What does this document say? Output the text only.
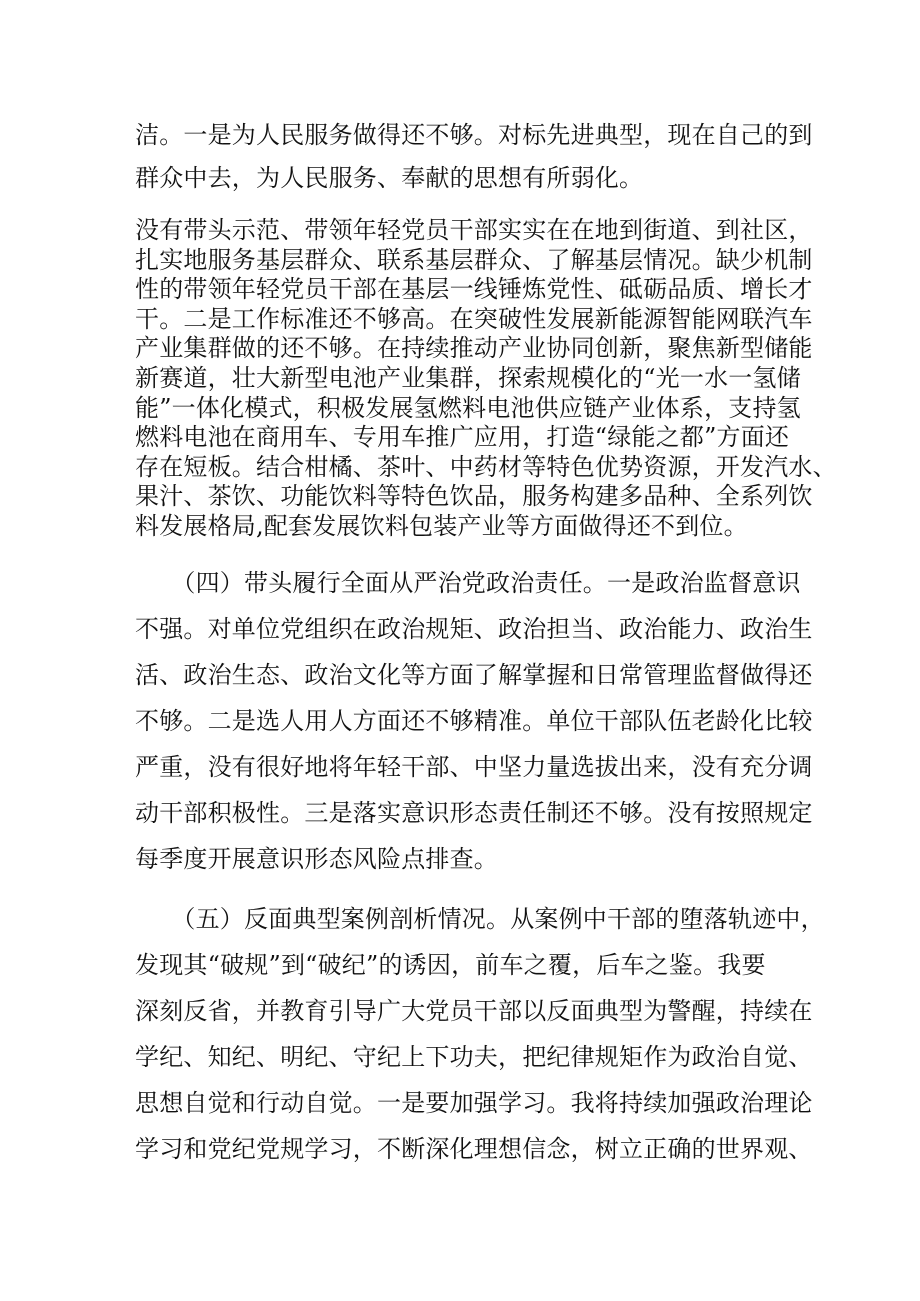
洁。一是为人民服务做得还不够。对标先进典型，现在自己的到
群众中去，为人民服务、奉献的思想有所弱化。

没有带头示范、带领年轻党员干部实实在在地到街道、到社区，
扎实地服务基层群众、联系基层群众、了解基层情况。缺少机制
性的带领年轻党员干部在基层一线锤炼党性、砥砺品质、增长才
干。二是工作标准还不够高。在突破性发展新能源智能网联汽车
产业集群做的还不够。在持续推动产业协同创新，聚焦新型储能
新赛道，壮大新型电池产业集群，探索规模化的“光一水一氢储
能”一体化模式，积极发展氢燃料电池供应链产业体系，支持氢
燃料电池在商用车、专用车推广应用，打造“绿能之都”方面还
存在短板。结合柑橘、茶叶、中药材等特色优势资源，开发汽水、
果汁、茶饮、功能饮料等特色饮品，服务构建多品种、全系列饮
料发展格局,配套发展饮料包装产业等方面做得还不到位。

　　（四）带头履行全面从严治党政治责任。一是政治监督意识
不强。对单位党组织在政治规矩、政治担当、政治能力、政治生
活、政治生态、政治文化等方面了解掌握和日常管理监督做得还
不够。二是选人用人方面还不够精准。单位干部队伍老龄化比较
严重，没有很好地将年轻干部、中坚力量选拔出来，没有充分调
动干部积极性。三是落实意识形态责任制还不够。没有按照规定
每季度开展意识形态风险点排查。

　　（五）反面典型案例剖析情况。从案例中干部的堕落轨迹中，
发现其“破规”到“破纪”的诱因，前车之覆，后车之鉴。我要
深刻反省，并教育引导广大党员干部以反面典型为警醒，持续在
学纪、知纪、明纪、守纪上下功夫，把纪律规矩作为政治自觉、
思想自觉和行动自觉。一是要加强学习。我将持续加强政治理论
学习和党纪党规学习，不断深化理想信念，树立正确的世界观、
